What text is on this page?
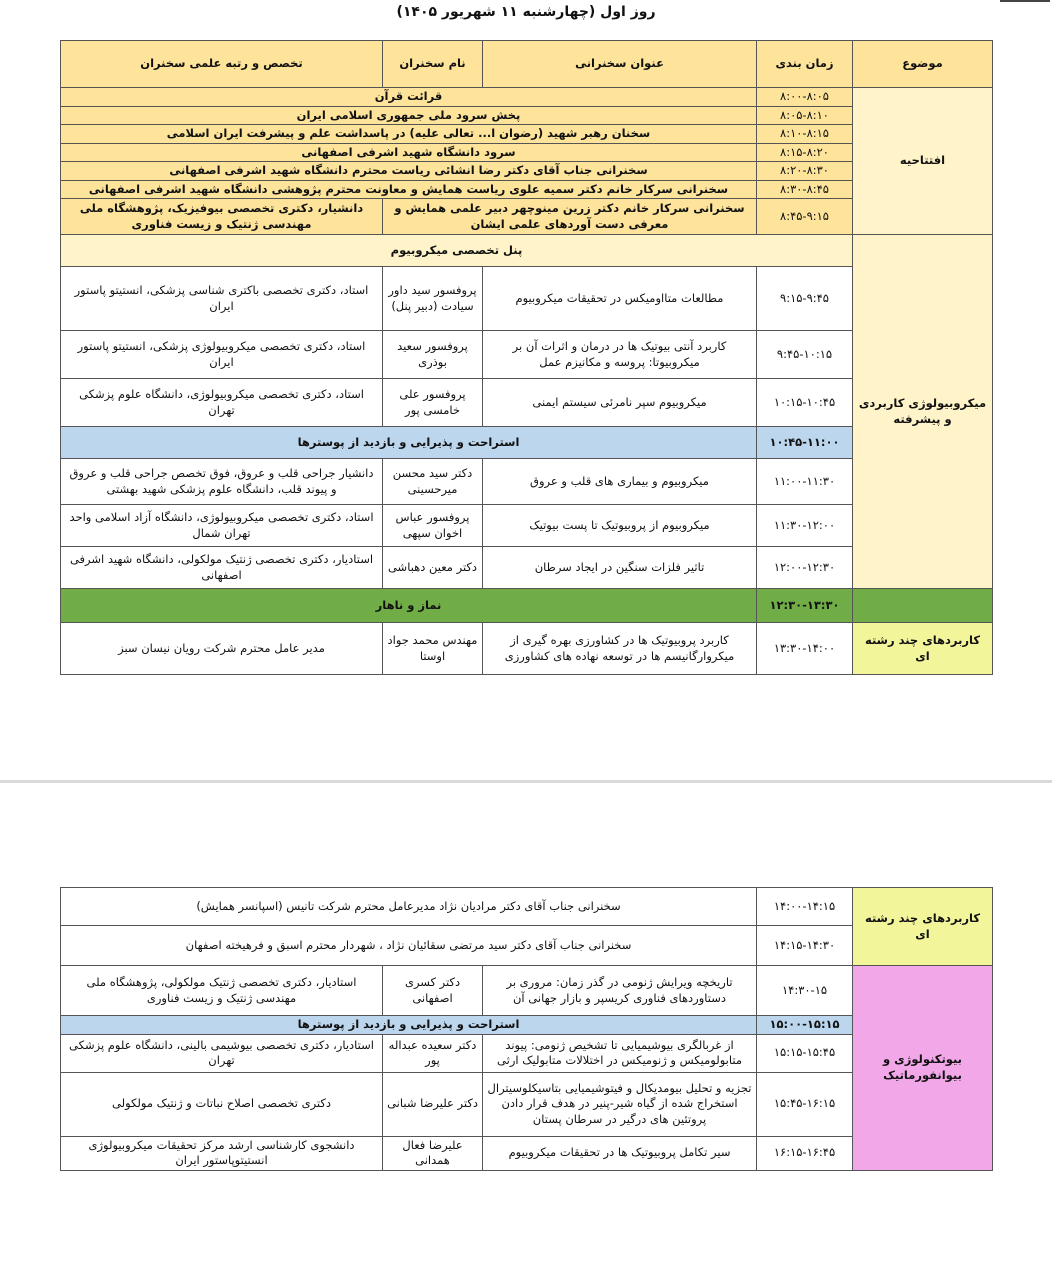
روز اول (چهارشنبه ۱۱ شهریور ۱۴۰۵)
موضوع	زمان بندی	عنوان سخنرانی	نام سخنران	تخصص و رتبه علمی سخنران
افتتاحیه	۸:۰۰-۸:۰۵	قرائت قرآن		
	۸:۰۵-۸:۱۰	پخش سرود ملی جمهوری اسلامی ایران		
	۸:۱۰-۸:۱۵	سخنان رهبر شهید (رضوان ا... تعالی علیه) در پاسداشت علم و پیشرفت ایران اسلامی		
	۸:۱۵-۸:۲۰	سرود دانشگاه شهید اشرفی اصفهانی		
	۸:۲۰-۸:۳۰	سخنرانی جناب آقای دکتر رضا انشائی ریاست محترم دانشگاه شهید اشرفی اصفهانی		
	۸:۳۰-۸:۴۵	سخنرانی سرکار خانم دکتر سمیه علوی ریاست همایش و معاونت محترم پژوهشی دانشگاه شهید اشرفی اصفهانی		
	۸:۴۵-۹:۱۵	سخنرانی سرکار خانم دکتر زرین مینوچهر دبیر علمی همایش و معرفی دست آوردهای علمی ایشان		دانشیار، دکتری تخصصی بیوفیزیک، پژوهشگاه ملی مهندسی ژنتیک و زیست فناوری
میکروبیولوژی کاربردی و پیشرفته	پنل تخصصی میکروبیوم			
	۹:۱۵-۹:۴۵	مطالعات متاا‌ومیکس در تحقیقات میکروبیوم	پروفسور سید داور سیادت (دبیر پنل)	استاد، دکتری تخصصی باکتری شناسی پزشکی، انستیتو پاستور ایران
	۹:۴۵-۱۰:۱۵	کاربرد آنتی بیوتیک ها در درمان و اثرات آن بر میکروبیوتا: پروسه و مکانیزم عمل	پروفسور سعید بوذری	استاد، دکتری تخصصی میکروبیولوژی پزشکی، انستیتو پاستور ایران
	۱۰:۱۵-۱۰:۴۵	میکروبیوم سپر نامرئی سیستم ایمنی	پروفسور علی خامسی پور	استاد، دکتری تخصصی میکروبیولوژی، دانشگاه علوم پزشکی تهران
	۱۰:۴۵-۱۱:۰۰	استراحت و پذیرایی و بازدید از پوسترها		
	۱۱:۰۰-۱۱:۳۰	میکروبیوم و بیماری های قلب و عروق	دکتر سید محسن میرحسینی	دانشیار جراحی قلب و عروق، فوق تخصص جراحی قلب و عروق و پیوند قلب، دانشگاه علوم پزشکی شهید بهشتی
	۱۱:۳۰-۱۲:۰۰	میکروبیوم از پروبیوتیک تا پست بیوتیک	پروفسور عباس اخوان سپهی	استاد، دکتری تخصصی میکروبیولوژی، دانشگاه آزاد اسلامی واحد تهران شمال
	۱۲:۰۰-۱۲:۳۰	تاثیر فلزات سنگین در ایجاد سرطان	دکتر معین دهباشی	استادیار، دکتری تخصصی ژنتیک مولکولی، دانشگاه شهید اشرفی اصفهانی
	۱۲:۳۰-۱۳:۳۰	نماز و ناهار		
کاربردهای چند رشته ای	۱۳:۳۰-۱۴:۰۰	کاربرد پروبیوتیک ها در کشاورزی بهره گیری از میکروارگانیسم ها در توسعه نهاده های کشاورزی	مهندس محمد جواد اوستا	مدیر عامل محترم شرکت رویان نیسان سبز
کاربردهای چند رشته ای	۱۴:۰۰-۱۴:۱۵	سخنرانی جناب آقای دکتر مرادیان نژاد مدیرعامل محترم شرکت تانیس (اسپانسر همایش)		
	۱۴:۱۵-۱۴:۳۰	سخنرانی جناب آقای دکتر سید مرتضی سقائیان نژاد ، شهردار محترم اسبق و فرهیخته اصفهان		
بیوتکنولوژی و بیوانفورماتیک	۱۴:۳۰-۱۵	تاریخچه ویرایش ژنومی در گذر زمان: مروری بر دستاوردهای فناوری کریسپر و بازار جهانی آن	دکتر کسری اصفهانی	استادیار، دکتری تخصصی ژنتیک مولکولی، پژوهشگاه ملی مهندسی ژنتیک و زیست فناوری
	۱۵:۰۰-۱۵:۱۵	استراحت و پذیرایی و بازدید از پوسترها		
	۱۵:۱۵-۱۵:۴۵	از غربالگری بیوشیمیایی تا تشخیص ژنومی: پیوند متابولومیکس و ژنومیکس در اختلالات متابولیک ارثی	دکتر سعیده عبداله پور	استادیار، دکتری تخصصی بیوشیمی بالینی، دانشگاه علوم پزشکی تهران
	۱۵:۴۵-۱۶:۱۵	تجزیه و تحلیل بیومدیکال و فیتوشیمیایی بتاسیکلوسیترال استخراج شده از گیاه شیر-پنیر در هدف قرار دادن پروتئین های درگیر در سرطان پستان	دکتر علیرضا شبانی	دکتری تخصصی اصلاح نباتات و ژنتیک مولکولی
	۱۶:۱۵-۱۶:۴۵	سیر تکامل پروبیوتیک ها در تحقیقات میکروبیوم	علیرضا فعال همدانی	دانشجوی کارشناسی ارشد مرکز تحقیقات میکروبیولوژی انستیتوپاستور ایران
